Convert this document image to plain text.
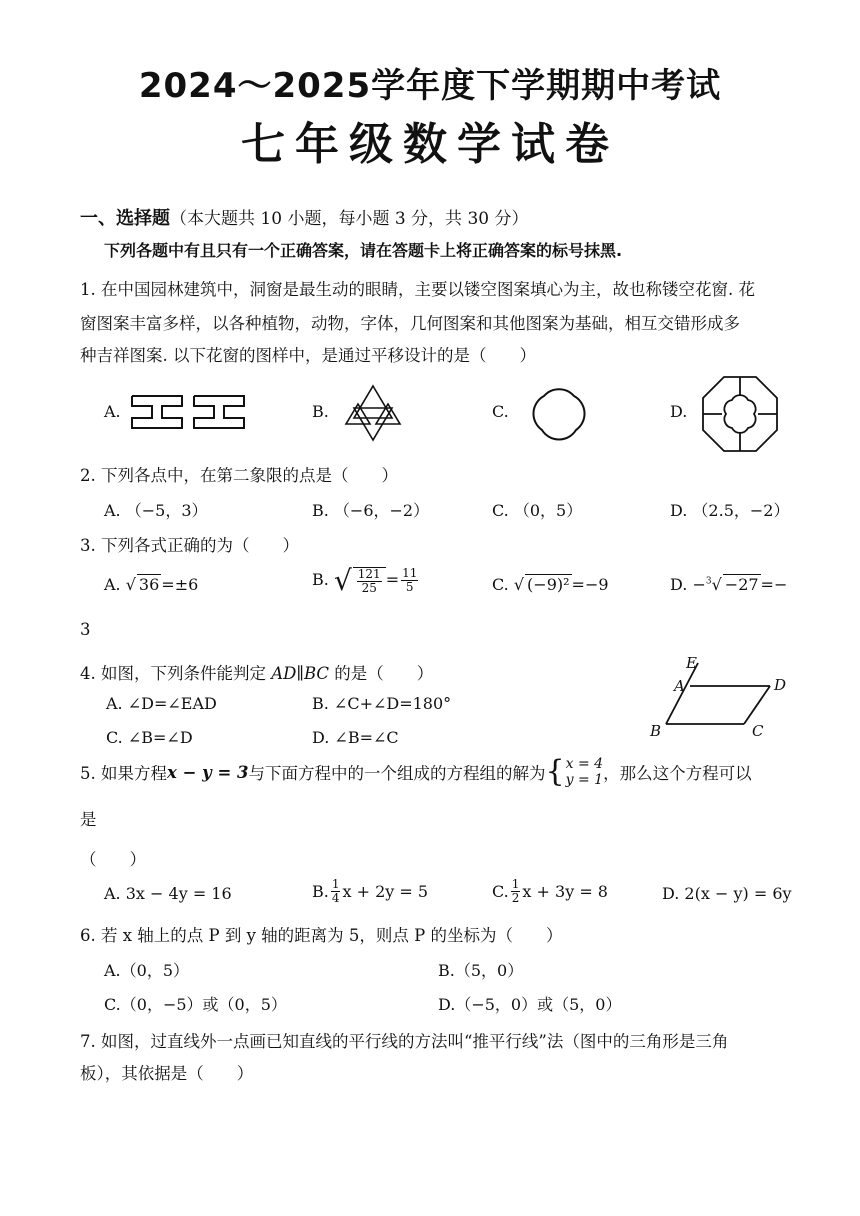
2024～2025学年度下学期期中考试
七年级数学试卷
一、选择题（本大题共 10 小题，每小题 3 分，共 30 分）
下列各题中有且只有一个正确答案，请在答题卡上将正确答案的标号抹黑.
1. 在中国园林建筑中，洞窗是最生动的眼睛，主要以镂空图案填心为主，故也称镂空花窗. 花
窗图案丰富多样，以各种植物，动物，字体，几何图案和其他图案为基础，相互交错形成多
种吉祥图案. 以下花窗的图样中，是通过平移设计的是（　　）
A.	B.	C.	D.
2. 下列各点中，在第二象限的点是（　　）
A. （−5，3）	B. （−6，−2）	C. （0，5）	D. （2.5，−2）
3. 下列各式正确的为（　　）
A. √ 36 =±6	B. √ $\frac{121}{25} = \frac{11}{5}$	C. √ (−9)² =−9	D. −$^3$√ −27 =−
3
4. 如图，下列条件能判定 AD∥BC 的是（　　）
A. ∠D=∠EAD	B. ∠C+∠D=180°
C. ∠B=∠D	D. ∠B=∠C
E
A	D
B	C
5. 如果方程 x − y = 3 与下面方程中的一个组成的方程组的解为 { x = 4
y = 1 ，那么这个方程可以
是
（　　）
A. 3x − 4y = 16	B. $\frac{1}{4}$ x + 2y = 5	C. $\frac{1}{2}$ x + 3y = 8	D. 2(x − y) = 6y
6. 若 x 轴上的点 P 到 y 轴的距离为 5，则点 P 的坐标为（　　）
A.（0，5）	B.（5，0）
C.（0，−5）或（0，5）	D.（−5，0）或（5，0）
7. 如图，过直线外一点画已知直线的平行线的方法叫“推平行线”法（图中的三角形是三角
板），其依据是（　　）
